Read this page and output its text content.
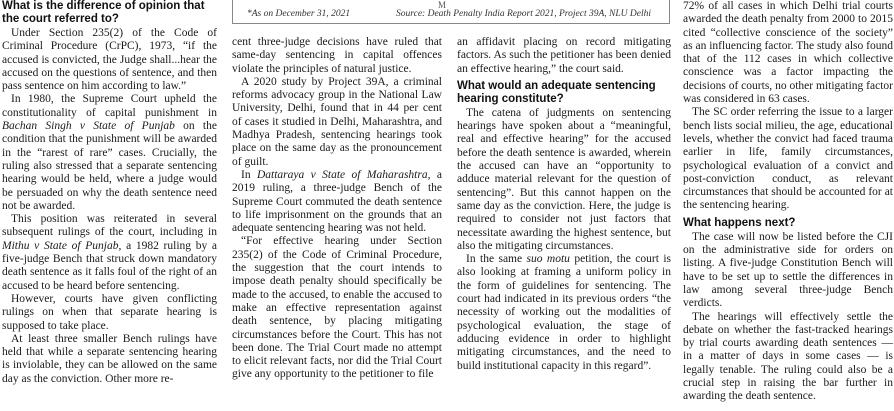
M
*As on December 31, 2021	Source: Death Penalty India Report 2021, Project 39A, NLU Delhi
What is the difference of opinion that the court referred to?

Under Section 235(2) of the Code of Criminal Procedure (CrPC), 1973, “if the accused is convicted, the Judge shall...hear the accused on the questions of sentence, and then pass sentence on him according to law.”

In 1980, the Supreme Court upheld the constitutionality of capital punishment in Bachan Singh v State of Punjab on the condition that the punishment will be awarded in the “rarest of rare” cases. Crucially, the ruling also stressed that a separate sentencing hearing would be held, where a judge would be persuaded on why the death sentence need not be awarded.

This position was reiterated in several subsequent rulings of the court, including in Mithu v State of Punjab, a 1982 ruling by a five-judge Bench that struck down mandatory death sentence as it falls foul of the right of an accused to be heard before sentencing.

However, courts have given conflicting rulings on when that separate hearing is supposed to take place.

At least three smaller Bench rulings have held that while a separate sentencing hearing is inviolable, they can be allowed on the same day as the conviction. Other more re-

cent three-judge decisions have ruled that same-day sentencing in capital offences violate the principles of natural justice.

A 2020 study by Project 39A, a criminal reforms advocacy group in the National Law University, Delhi, found that in 44 per cent of cases it studied in Delhi, Maharashtra, and Madhya Pradesh, sentencing hearings took place on the same day as the pronouncement of guilt.

In Dattaraya v State of Maharashtra, a 2019 ruling, a three-judge Bench of the Supreme Court commuted the death sentence to life imprisonment on the grounds that an adequate sentencing hearing was not held.

“For effective hearing under Section 235(2) of the Code of Criminal Procedure, the suggestion that the court intends to impose death penalty should specifically be made to the accused, to enable the accused to make an effective representation against death sentence, by placing mitigating circumstances before the Court. This has not been done. The Trial Court made no attempt to elicit relevant facts, nor did the Trial Court give any opportunity to the petitioner to file

an affidavit placing on record mitigating factors. As such the petitioner has been denied an effective hearing,” the court said.

What would an adequate sentencing hearing constitute?

The catena of judgments on sentencing hearings have spoken about a “meaningful, real and effective hearing” for the accused before the death sentence is awarded, wherein the accused can have an “opportunity to adduce material relevant for the question of sentencing”. But this cannot happen on the same day as the conviction. Here, the judge is required to consider not just factors that necessitate awarding the highest sentence, but also the mitigating circumstances.

In the same suo motu petition, the court is also looking at framing a uniform policy in the form of guidelines for sentencing. The court had indicated in its previous orders “the necessity of working out the modalities of psychological evaluation, the stage of adducing evidence in order to highlight mitigating circumstances, and the need to build institutional capacity in this regard”.

72% of all cases in which Delhi trial courts awarded the death penalty from 2000 to 2015 cited “collective conscience of the society” as an influencing factor. The study also found that of the 112 cases in which collective conscience was a factor impacting the decisions of courts, no other mitigating factor was considered in 63 cases.

The SC order referring the issue to a larger bench lists social milieu, the age, educational levels, whether the convict had faced trauma earlier in life, family circumstances, psychological evaluation of a convict and post-conviction conduct, as relevant circumstances that should be accounted for at the sentencing hearing.

What happens next?

The case will now be listed before the CJI on the administrative side for orders on listing. A five-judge Constitution Bench will have to be set up to settle the differences in law among several three-judge Bench verdicts.

The hearings will effectively settle the debate on whether the fast-tracked hearings by trial courts awarding death sentences — in a matter of days in some cases — is legally tenable. The ruling could also be a crucial step in raising the bar further in awarding the death sentence.
